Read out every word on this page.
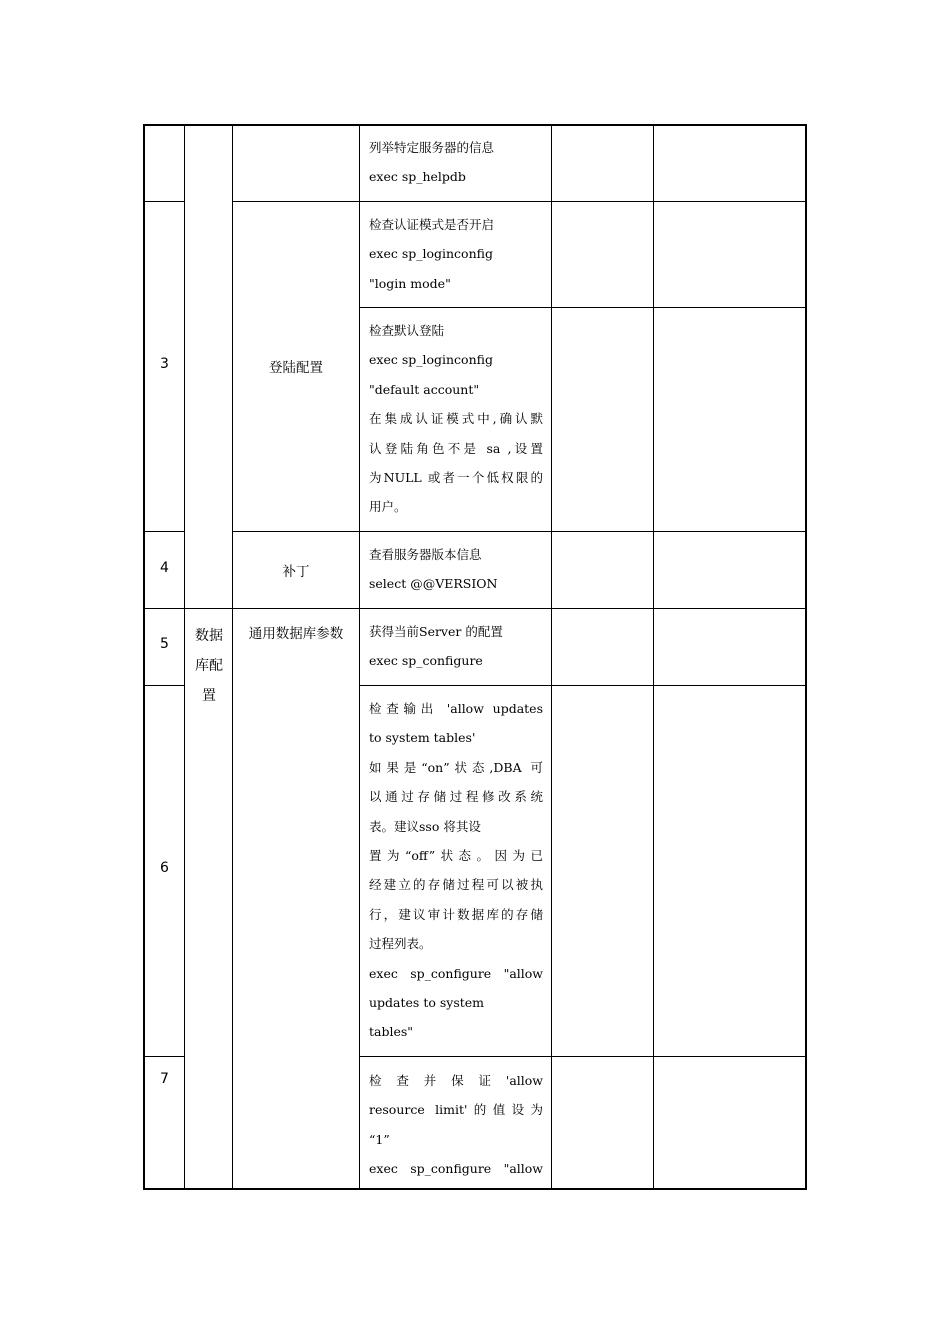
3
4
5
6
7
数据
库配
置
登陆配置
补丁
通用数据库参数
列举特定服务器的信息
exec sp_helpdb
检查认证模式是否开启
exec sp_loginconfig
"login mode"
检查默认登陆
exec sp_loginconfig
"default account"
在集成认证模式中,确认默
认登陆角色不是 sa ,设置
为NULL 或者一个低权限的
用户。
查看服务器版本信息
select @@VERSION
获得当前Server 的配置
exec sp_configure
检查输出 'allow updates
to system tables'
如果是“on”状态,DBA 可
以通过存储过程修改系统
表。建议sso 将其设
置为“off”状态。因为已
经建立的存储过程可以被执
行，建议审计数据库的存储
过程列表。
exec sp_configure "allow
updates to system
tables"
检 查 并 保 证 'allow
resource limit'的值设为
“1”
exec sp_configure "allow
